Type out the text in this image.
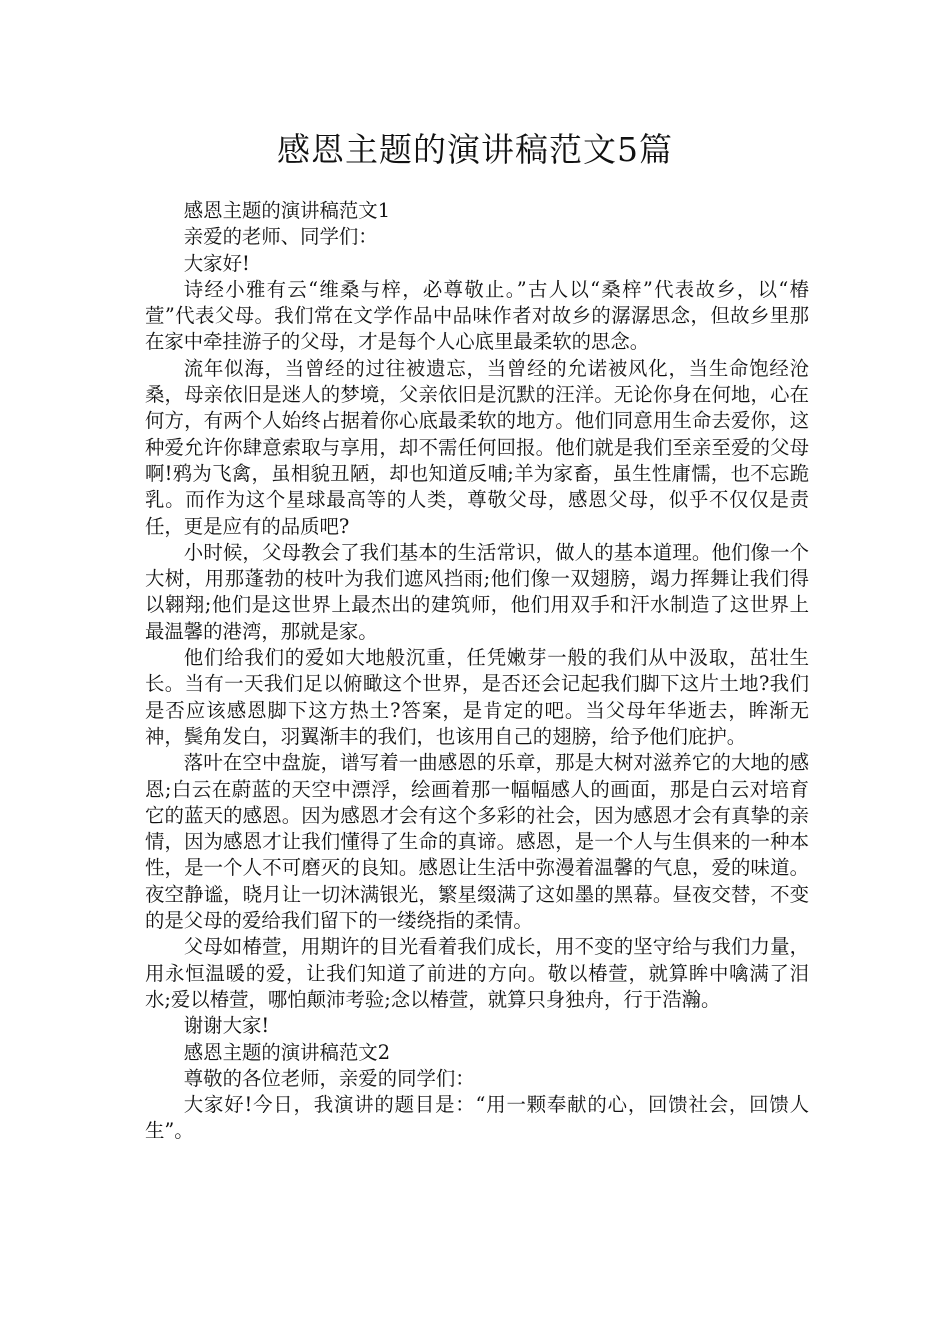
感恩主题的演讲稿范文5篇

感恩主题的演讲稿范文1

亲爱的老师、同学们：

大家好!

诗经小雅有云“维桑与梓，必尊敬止。”古人以“桑梓”代表故乡，以“椿萱”代表父母。我们常在文学作品中品味作者对故乡的潺潺思念，但故乡里那在家中牵挂游子的父母，才是每个人心底里最柔软的思念。

流年似海，当曾经的过往被遗忘，当曾经的允诺被风化，当生命饱经沧桑，母亲依旧是迷人的梦境，父亲依旧是沉默的汪洋。无论你身在何地，心在何方，有两个人始终占据着你心底最柔软的地方。他们同意用生命去爱你，这种爱允许你肆意索取与享用，却不需任何回报。他们就是我们至亲至爱的父母啊!鸦为飞禽，虽相貌丑陋，却也知道反哺;羊为家畜，虽生性庸懦，也不忘跪乳。而作为这个星球最高等的人类，尊敬父母，感恩父母，似乎不仅仅是责任，更是应有的品质吧?

小时候，父母教会了我们基本的生活常识，做人的基本道理。他们像一个大树，用那蓬勃的枝叶为我们遮风挡雨;他们像一双翅膀，竭力挥舞让我们得以翱翔;他们是这世界上最杰出的建筑师，他们用双手和汗水制造了这世界上最温馨的港湾，那就是家。

他们给我们的爱如大地般沉重，任凭嫩芽一般的我们从中汲取，茁壮生长。当有一天我们足以俯瞰这个世界，是否还会记起我们脚下这片土地?我们是否应该感恩脚下这方热土?答案，是肯定的吧。当父母年华逝去，眸渐无神，鬓角发白，羽翼渐丰的我们，也该用自己的翅膀，给予他们庇护。

落叶在空中盘旋，谱写着一曲感恩的乐章，那是大树对滋养它的大地的感恩;白云在蔚蓝的天空中漂浮，绘画着那一幅幅感人的画面，那是白云对培育它的蓝天的感恩。因为感恩才会有这个多彩的社会，因为感恩才会有真挚的亲情，因为感恩才让我们懂得了生命的真谛。感恩，是一个人与生俱来的一种本性，是一个人不可磨灭的良知。感恩让生活中弥漫着温馨的气息，爱的味道。夜空静谧，晓月让一切沐满银光，繁星缀满了这如墨的黑幕。昼夜交替，不变的是父母的爱给我们留下的一缕绕指的柔情。

父母如椿萱，用期许的目光看着我们成长，用不变的坚守给与我们力量，用永恒温暖的爱，让我们知道了前进的方向。敬以椿萱，就算眸中噙满了泪水;爱以椿萱，哪怕颠沛考验;念以椿萱，就算只身独舟，行于浩瀚。

谢谢大家!

感恩主题的演讲稿范文2

尊敬的各位老师，亲爱的同学们：

大家好!今日，我演讲的题目是：“用一颗奉献的心，回馈社会，回馈人生”。
